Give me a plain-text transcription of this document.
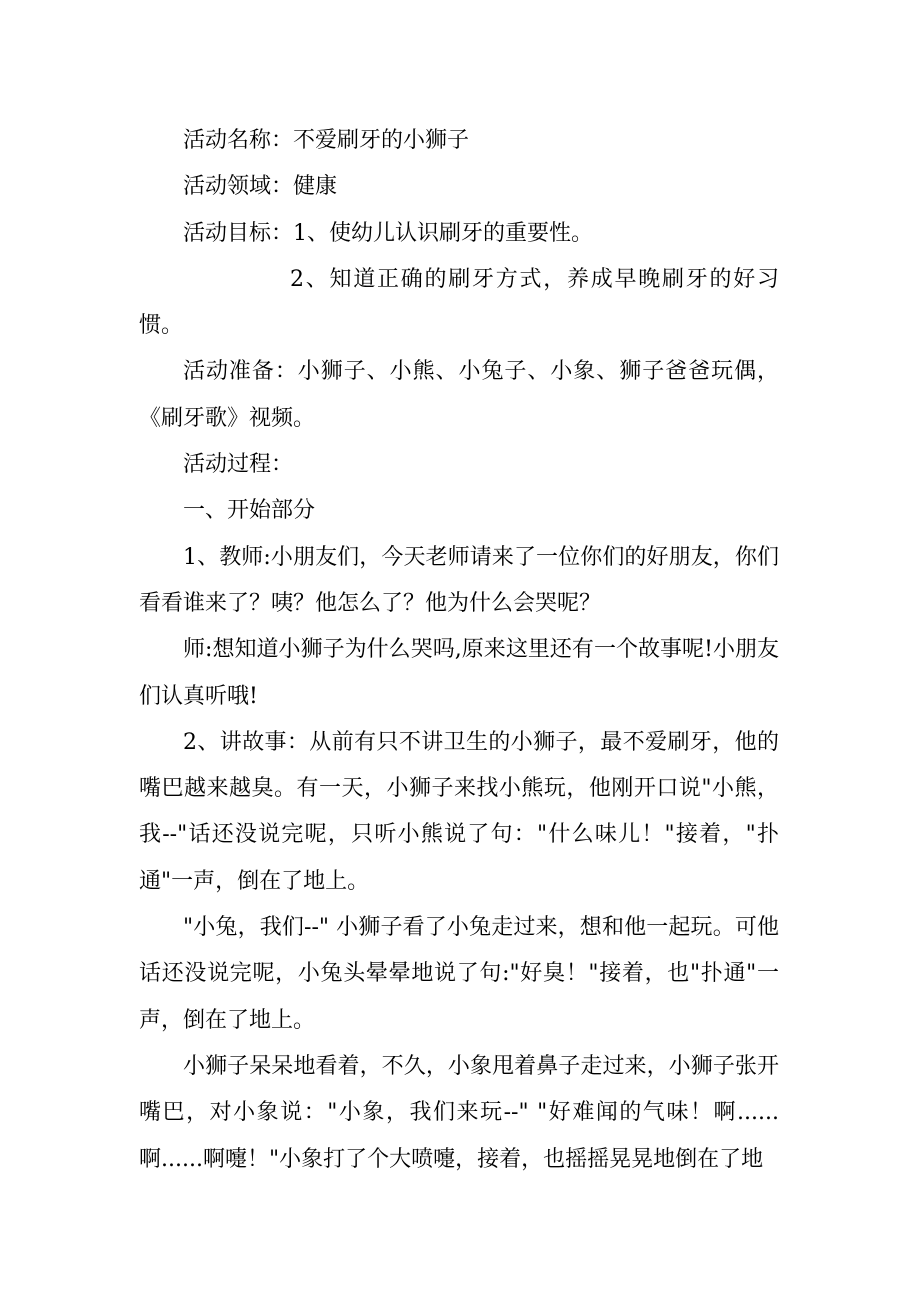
活动名称：不爱刷牙的小狮子

活动领域：健康

活动目标：1、使幼儿认识刷牙的重要性。

2、知道正确的刷牙方式，养成早晚刷牙的好习惯。

活动准备：小狮子、小熊、小兔子、小象、狮子爸爸玩偶，《刷牙歌》视频。

活动过程：

一、开始部分

1、教师:小朋友们，今天老师请来了一位你们的好朋友，你们看看谁来了？咦？他怎么了？他为什么会哭呢？

师:想知道小狮子为什么哭吗,原来这里还有一个故事呢!小朋友们认真听哦!

2、讲故事：从前有只不讲卫生的小狮子，最不爱刷牙，他的嘴巴越来越臭。有一天，小狮子来找小熊玩，他刚开口说"小熊，我--"话还没说完呢，只听小熊说了句："什么味儿！"接着，"扑通"一声，倒在了地上。

"小兔，我们--" 小狮子看了小兔走过来，想和他一起玩。可他话还没说完呢，小兔头晕晕地说了句:"好臭！"接着，也"扑通"一声，倒在了地上。

小狮子呆呆地看着，不久，小象甩着鼻子走过来，小狮子张开嘴巴，对小象说："小象，我们来玩--" "好难闻的气味！啊......啊......啊嚏！"小象打了个大喷嚏，接着，也摇摇晃晃地倒在了地
